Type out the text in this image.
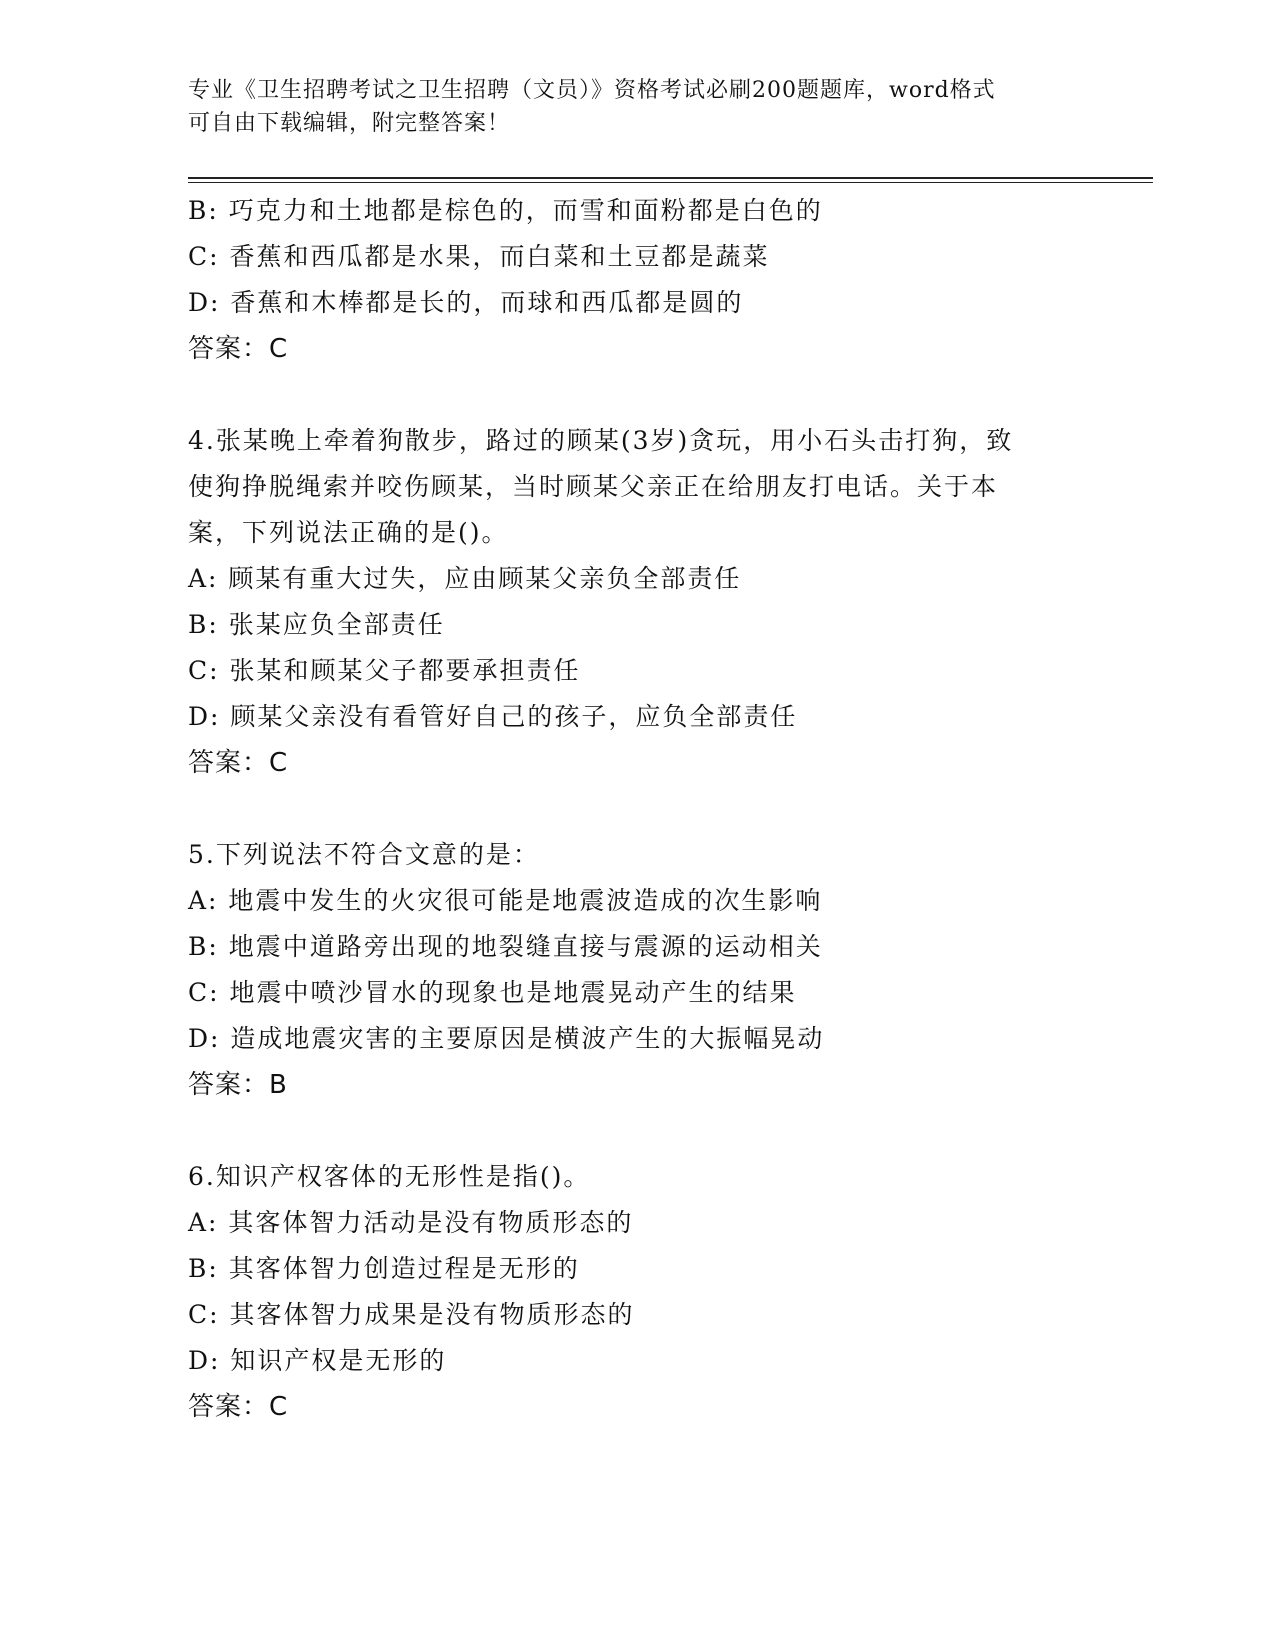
专业《卫生招聘考试之卫生招聘（文员）》资格考试必刷200题题库，word格式
可自由下载编辑，附完整答案！
B: 巧克力和土地都是棕色的，而雪和面粉都是白色的
C: 香蕉和西瓜都是水果，而白菜和土豆都是蔬菜
D: 香蕉和木棒都是长的，而球和西瓜都是圆的
答案：C
4.张某晚上牵着狗散步，路过的顾某(3岁)贪玩，用小石头击打狗，致
使狗挣脱绳索并咬伤顾某，当时顾某父亲正在给朋友打电话。关于本
案，下列说法正确的是()。
A: 顾某有重大过失，应由顾某父亲负全部责任
B: 张某应负全部责任
C: 张某和顾某父子都要承担责任
D: 顾某父亲没有看管好自己的孩子，应负全部责任
答案：C
5.下列说法不符合文意的是：
A: 地震中发生的火灾很可能是地震波造成的次生影响
B: 地震中道路旁出现的地裂缝直接与震源的运动相关
C: 地震中喷沙冒水的现象也是地震晃动产生的结果
D: 造成地震灾害的主要原因是横波产生的大振幅晃动
答案：B
6.知识产权客体的无形性是指()。
A: 其客体智力活动是没有物质形态的
B: 其客体智力创造过程是无形的
C: 其客体智力成果是没有物质形态的
D: 知识产权是无形的
答案：C
